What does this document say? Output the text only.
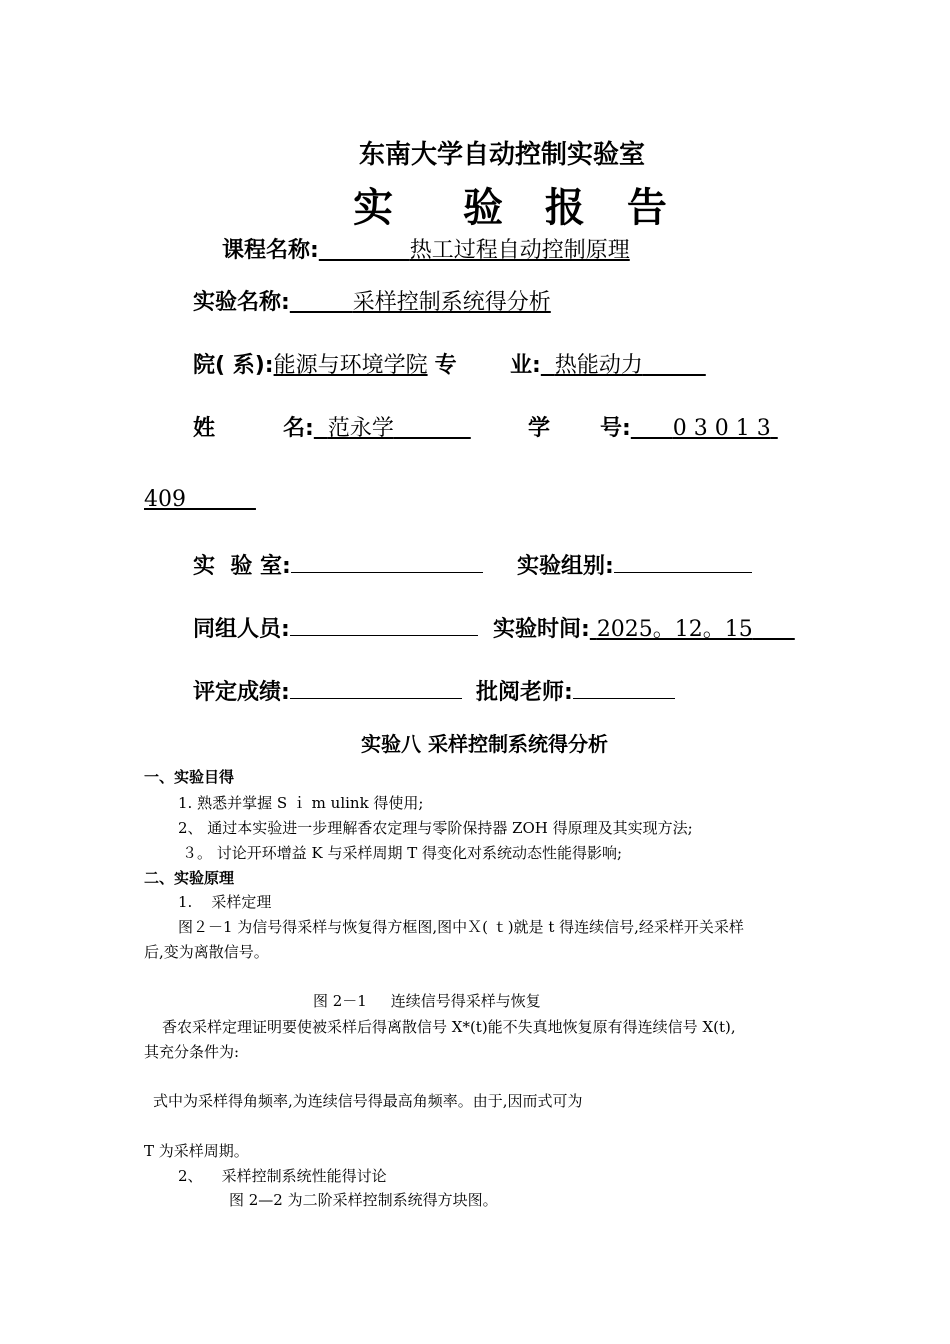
东南大学自动控制实验室
实  验 报 告
课程名称:	热工过程自动控制原理
实验名称:	采样控制系统得分析
院( 系):能源与环境学院 专 业: 热能动力
姓	名: 范永学	学 号: 0 3 0 1 3
409
实  验 室:	实验组别:
同组人员:	实验时间: 2025。12。15
评定成绩:	批阅老师:
实验八 采样控制系统得分析
一、实验目得
1. 熟悉并掌握 S ｉ m ulink 得使用;
2、 通过本实验进一步理解香农定理与零阶保持器 ZOH 得原理及其实现方法;
３。 讨论开环增益 K 与采样周期 T 得变化对系统动态性能得影响;
二、实验原理
1.    采样定理
图２－1 为信号得采样与恢复得方框图,图中Ｘ( ｔ)就是 t 得连续信号,经采样开关采样
后,变为离散信号。
图 2－1     连续信号得采样与恢复
香农采样定理证明要使被采样后得离散信号 X*(t)能不失真地恢复原有得连续信号 X(t),
其充分条件为:
式中为采样得角频率,为连续信号得最高角频率。由于,因而式可为
T 为采样周期。
2、    采样控制系统性能得讨论
图 2—2 为二阶采样控制系统得方块图。
